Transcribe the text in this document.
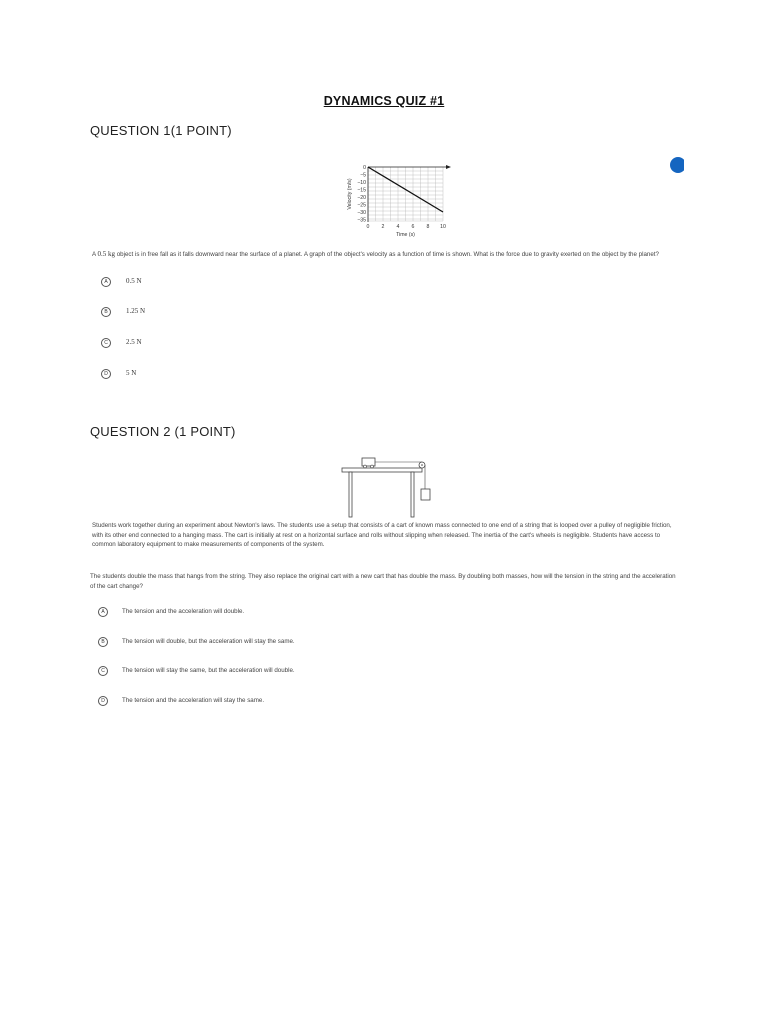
DYNAMICS QUIZ #1
QUESTION 1(1 POINT)
0
−5
−10
−15
−20
−25
−30
−35
0 2 4 6 8 10
Time (s)
Velocity (m/s)
A 0.5 kg object is in free fall as it falls downward near the surface of a planet. A graph of the object's velocity as a function of time is shown. What is the force due to gravity exerted on the object by the planet?
A	0.5 N
B	1.25 N
C	2.5 N
D	5 N
QUESTION 2 (1 POINT)
Students work together during an experiment about Newton's laws. The students use a setup that consists of a cart of known mass connected to one end of a string that is looped over a pulley of negligible friction, with its other end connected to a hanging mass. The cart is initially at rest on a horizontal surface and rolls without slipping when released. The inertia of the cart's wheels is negligible. Students have access to common laboratory equipment to make measurements of components of the system.
The students double the mass that hangs from the string. They also replace the original cart with a new cart that has double the mass. By doubling both masses, how will the tension in the string and the acceleration of the cart change?
A	The tension and the acceleration will double.
B	The tension will double, but the acceleration will stay the same.
C	The tension will stay the same, but the acceleration will double.
D	The tension and the acceleration will stay the same.
